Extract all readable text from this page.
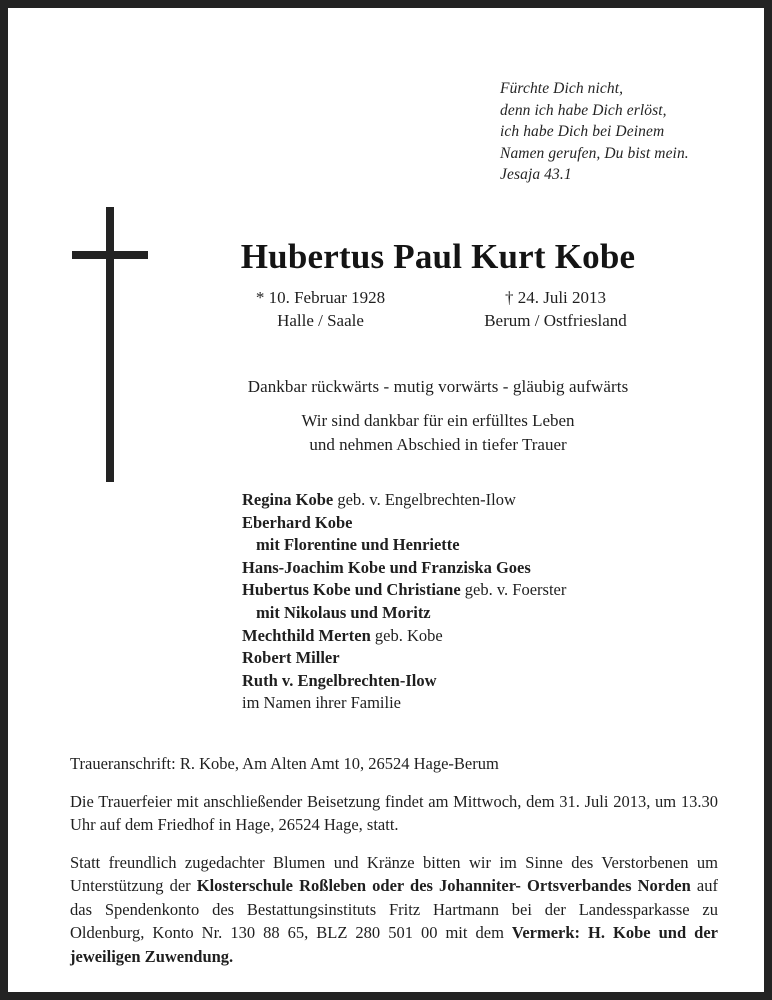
Fürchte Dich nicht,
denn ich habe Dich erlöst,
ich habe Dich bei Deinem
Namen gerufen, Du bist mein.
Jesaja 43.1
Hubertus Paul Kurt Kobe
* 10. Februar 1928
Halle / Saale
† 24. Juli 2013
Berum / Ostfriesland
Dankbar rückwärts - mutig vorwärts - gläubig aufwärts
Wir sind dankbar für ein erfülltes Leben
und nehmen Abschied in tiefer Trauer
Regina Kobe geb. v. Engelbrechten-Ilow
Eberhard Kobe
mit Florentine und Henriette
Hans-Joachim Kobe und Franziska Goes
Hubertus Kobe und Christiane geb. v. Foerster
mit Nikolaus und Moritz
Mechthild Merten geb. Kobe
Robert Miller
Ruth v. Engelbrechten-Ilow
im Namen ihrer Familie

Traueranschrift: R. Kobe, Am Alten Amt 10, 26524 Hage-Berum

Die Trauerfeier mit anschließender Beisetzung findet am Mittwoch, dem 31. Juli 2013, um 13.30 Uhr auf dem Friedhof in Hage, 26524 Hage, statt.

Statt freundlich zugedachter Blumen und Kränze bitten wir im Sinne des Verstorbenen um Unterstützung der Klosterschule Roßleben oder des Johanniter- Ortsverbandes Norden auf das Spendenkonto des Bestattungsinstituts Fritz Hartmann bei der Landessparkasse zu Oldenburg, Konto Nr. 130 88 65, BLZ 280 501 00 mit dem Vermerk: H. Kobe und der jeweiligen Zuwendung.
